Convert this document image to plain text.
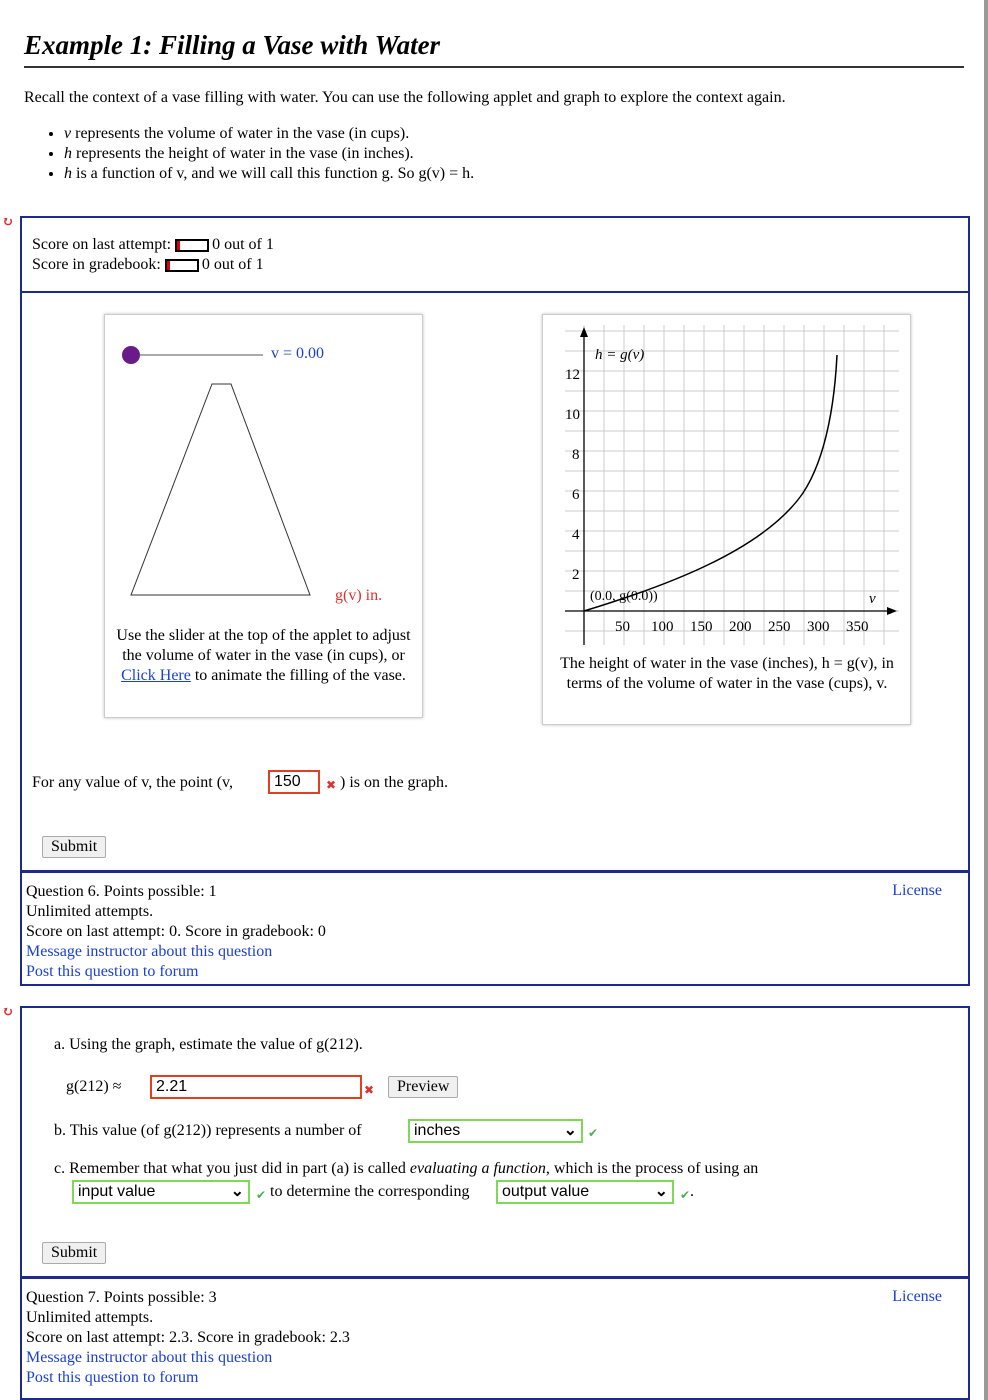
Example 1: Filling a Vase with Water
Recall the context of a vase filling with water. You can use the following applet and graph to explore the context again.
• v represents the volume of water in the vase (in cups).
• h represents the height of water in the vase (in inches).
• h is a function of v, and we will call this function g. So g(v) = h.
↻
Score on last attempt:	0 out of 1
Score in gradebook:	0 out of 1
v = 0.00
g(v) in.
Use the slider at the top of the applet to adjust the volume of water in the vase (in cups), or Click Here to animate the filling of the vase.
h = g(v)
(0.0, g(0.0))	v
12
10
8
6
4
2
50 100 150 200 250 300 350
The height of water in the vase (inches), h = g(v), in terms of the volume of water in the vase (cups), v.
For any value of v, the point (v,	150	✖ ) is on the graph.
Submit
Question 6. Points possible: 1
Unlimited attempts.
Score on last attempt: 0. Score in gradebook: 0
Message instructor about this question
Post this question to forum
License
↻
a. Using the graph, estimate the value of g(212).
g(212) ≈	2.21	✖	Preview
b. This value (of g(212)) represents a number of	inches	⌄ ✔
c. Remember that what you just did in part (a) is called evaluating a function, which is the process of using an
input value	⌄ ✔ to determine the corresponding	output value	⌄ ✔ .
Submit
Question 7. Points possible: 3
Unlimited attempts.
Score on last attempt: 2.3. Score in gradebook: 2.3
Message instructor about this question
Post this question to forum
License
